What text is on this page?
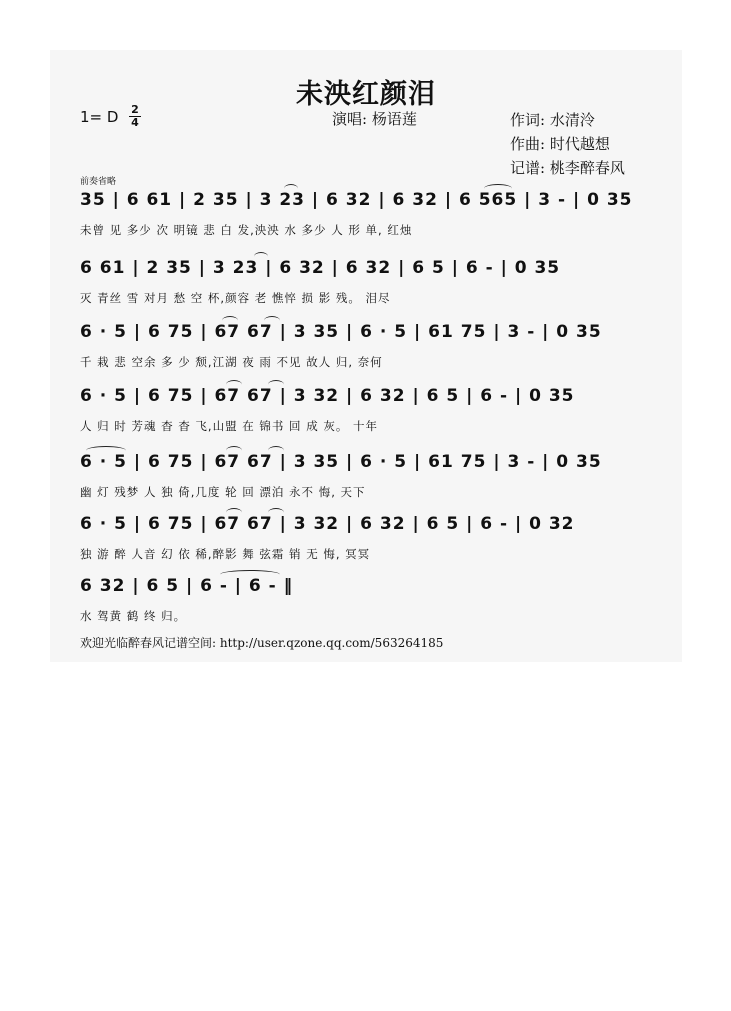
未泱红颜泪
1= D 2
4	演唱: 杨语莲	作词: 水清泠
作曲: 时代越想
记谱: 桃李醉春风
前奏省略
35 | 6 61 | 2 35 | 3 23 | 6 32 | 6 32 | 6 565 | 3 - | 0 35
未曾 见 多少 次 明镜 悲 白 发,泱泱 水 多少 人 形 单, 红烛
6 61 | 2 35 | 3 23 | 6 32 | 6 32 | 6 5 | 6 - | 0 35
灭 青丝 雪 对月 愁 空 杯,颜容 老 憔悴 损 影 残。 泪尽
6 · 5 | 6 75 | 67 67 | 3 35 | 6 · 5 | 61 75 | 3 - | 0 35
千 栽 悲 空余 多 少 颓,江湖 夜 雨 不见 故人 归, 奈何
6 · 5 | 6 75 | 67 67 | 3 32 | 6 32 | 6 5 | 6 - | 0 35
人 归 时 芳魂 杳 杳 飞,山盟 在 锦书 回 成 灰。 十年
6 · 5 | 6 75 | 67 67 | 3 35 | 6 · 5 | 61 75 | 3 - | 0 35
幽 灯 残梦 人 独 倚,几度 轮 回 漂泊 永不 悔, 天下
6 · 5 | 6 75 | 67 67 | 3 32 | 6 32 | 6 5 | 6 - | 0 32
独 游 醉 人音 幻 依 稀,醉影 舞 弦霜 销 无 悔, 冥冥
6 32 | 6 5 | 6 - | 6 - ‖
水 驾黄 鹤 终 归。
欢迎光临醉春风记谱空间: http://user.qzone.qq.com/563264185
